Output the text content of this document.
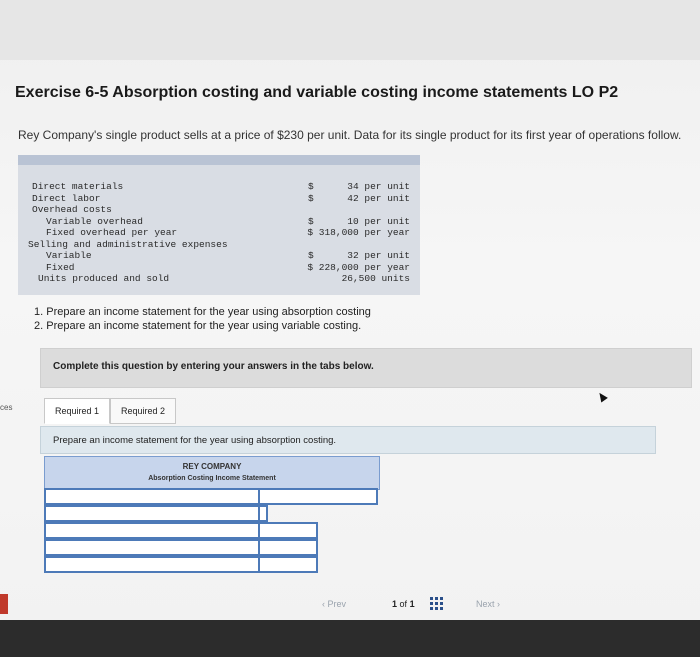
Exercise 6-5 Absorption costing and variable costing income statements LO P2
Rey Company's single product sells at a price of $230 per unit. Data for its single product for its first year of operations follow.
Direct materials	$	34 per unit
Direct labor	$	42 per unit
Overhead costs
Variable overhead	$	10 per unit
Fixed overhead per year	$ 318,000 per year
Selling and administrative expenses
Variable	$	32 per unit
Fixed	$ 228,000 per year
Units produced and sold	26,500 units
1. Prepare an income statement for the year using absorption costing
2. Prepare an income statement for the year using variable costing.
Complete this question by entering your answers in the tabs below.
ces	Required 1	Required 2
Prepare an income statement for the year using absorption costing.
REY COMPANY
Absorption Costing Income Statement
‹ Prev	1 of 1	Next ›
